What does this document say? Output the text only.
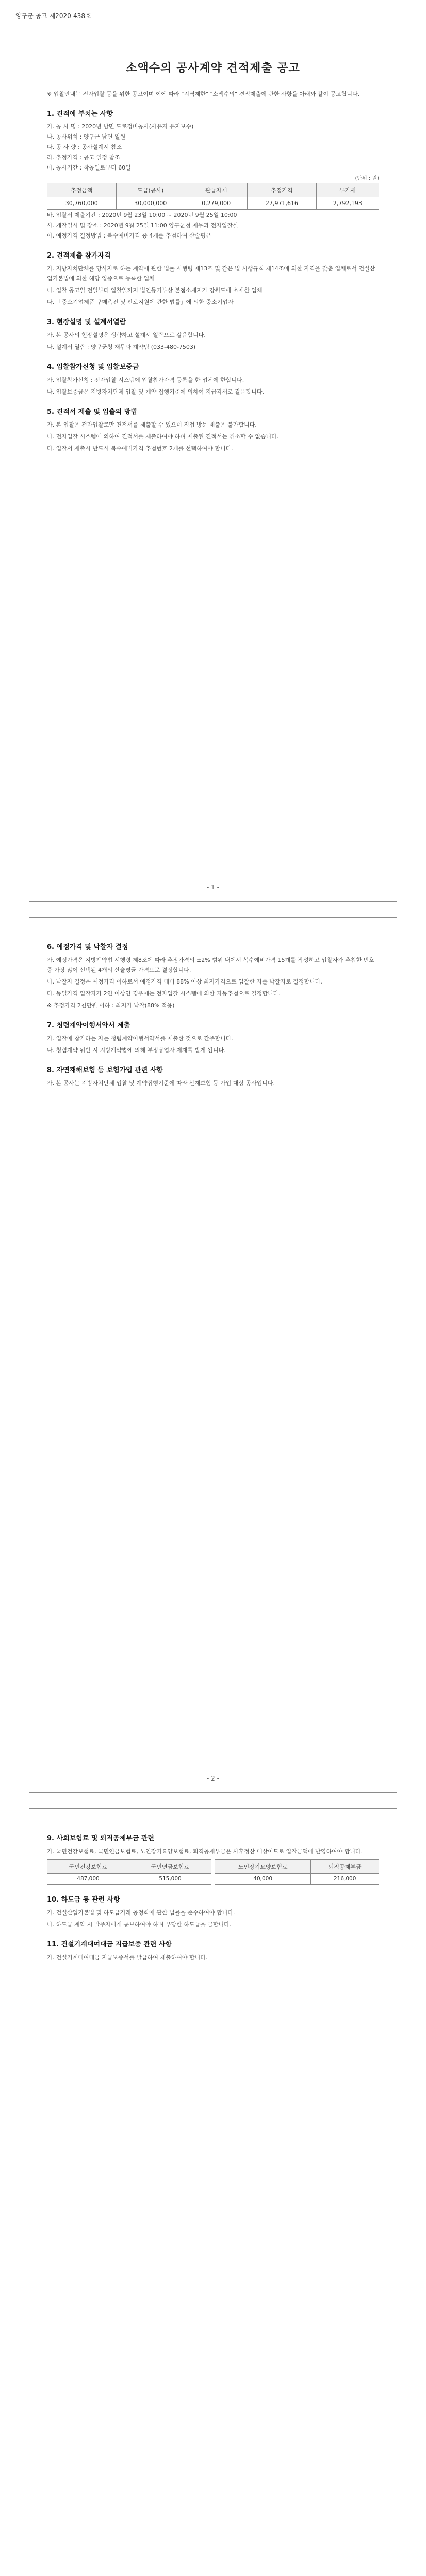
양구군 공고 제2020-438호
소액수의 공사계약 견적제출 공고
※ 입찰안내는 전자입찰 등을 위한 공고이며 이에 따라 "지역제한" "소액수의" 견적제출에 관한 사항을 아래와 같이 공고합니다.
1. 견적에 부치는 사항
가. 공 사 명 : 2020년 남면 도로정비공사(사유지 유지보수)
나. 공사위치 : 양구군 남면 일원
다. 공 사 량 : 공사설계서 참조
라. 추정가격 : 공고 일정 참조
마. 공사기간 : 착공일로부터 60일
(단위 : 원)
추정금액	도급(공사)	관급자재	추정가격	부가세
30,760,000	30,000,000	0,279,000	27,971,616	2,792,193
바. 입찰서 제출기간 : 2020년 9월 23일 10:00 ~ 2020년 9월 25일 10:00
사. 개찰일시 및 장소 : 2020년 9월 25일 11:00 양구군청 재무과 전자입찰실
아. 예정가격 결정방법 : 복수예비가격 중 4개를 추첨하여 산술평균
2. 견적제출 참가자격
가. 지방자치단체를 당사자로 하는 계약에 관한 법률 시행령 제13조 및 같은 법 시행규칙 제14조에 의한 자격을 갖춘 업체로서 건설산업기본법에 의한 해당 업종으로 등록한 업체
나. 입찰 공고일 전일부터 입찰일까지 법인등기부상 본점소재지가 강원도에 소재한 업체
다. 「중소기업제품 구매촉진 및 판로지원에 관한 법률」에 의한 중소기업자
3. 현장설명 및 설계서열람
가. 본 공사의 현장설명은 생략하고 설계서 열람으로 갈음합니다.
나. 설계서 열람 : 양구군청 재무과 계약팀 (033-480-7503)
4. 입찰참가신청 및 입찰보증금
가. 입찰참가신청 : 전자입찰 시스템에 입찰참가자격 등록을 한 업체에 한합니다.
나. 입찰보증금은 지방자치단체 입찰 및 계약 집행기준에 의하여 지급각서로 갈음합니다.
5. 견적서 제출 및 입출의 방법
가. 본 입찰은 전자입찰로만 견적서를 제출할 수 있으며 직접 방문 제출은 불가합니다.
나. 전자입찰 시스템에 의하여 견적서를 제출하여야 하며 제출된 견적서는 취소할 수 없습니다.
다. 입찰서 제출시 반드시 복수예비가격 추첨번호 2개를 선택하여야 합니다.
- 1 -
6. 예정가격 및 낙찰자 결정
가. 예정가격은 지방계약법 시행령 제8조에 따라 추정가격의 ±2% 범위 내에서 복수예비가격 15개를 작성하고 입찰자가 추첨한 번호 중 가장 많이 선택된 4개의 산술평균 가격으로 결정합니다.
나. 낙찰자 결정은 예정가격 이하로서 예정가격 대비 88% 이상 최저가격으로 입찰한 자를 낙찰자로 결정합니다.
다. 동일가격 입찰자가 2인 이상인 경우에는 전자입찰 시스템에 의한 자동추첨으로 결정합니다.
※ 추정가격 2천만원 이하 : 최저가 낙찰(88% 적용)
7. 청렴계약이행서약서 제출
가. 입찰에 참가하는 자는 청렴계약이행서약서를 제출한 것으로 간주합니다.
나. 청렴계약 위반 시 지방계약법에 의해 부정당업자 제재를 받게 됩니다.
8. 자연재해보험 등 보험가입 관련 사항
가. 본 공사는 지방자치단체 입찰 및 계약집행기준에 따라 산재보험 등 가입 대상 공사입니다.
- 2 -
9. 사회보험료 및 퇴직공제부금 관련
가. 국민건강보험료, 국민연금보험료, 노인장기요양보험료, 퇴직공제부금은 사후정산 대상이므로 입찰금액에 반영하여야 합니다.
국민건강보험료	국민연금보험료
487,000	515,000
노인장기요양보험료	퇴직공제부금
40,000	216,000
10. 하도급 등 관련 사항
가. 건설산업기본법 및 하도급거래 공정화에 관한 법률을 준수하여야 합니다.
나. 하도급 계약 시 발주자에게 통보하여야 하며 부당한 하도급을 금합니다.
11. 건설기계대여대금 지급보증 관련 사항
가. 건설기계대여대금 지급보증서를 발급하여 제출하여야 합니다.
